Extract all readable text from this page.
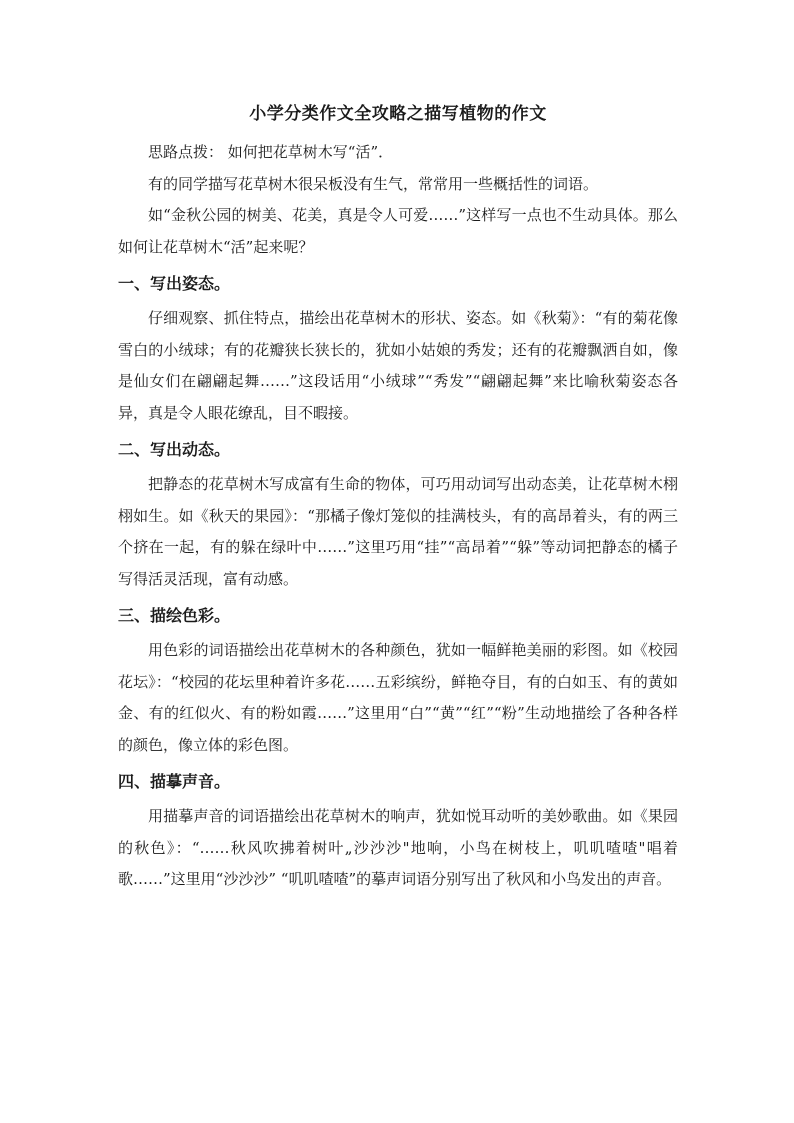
小学分类作文全攻略之描写植物的作文

思路点拨： 如何把花草树木写“活”．

有的同学描写花草树木很呆板没有生气，常常用一些概括性的词语。

如“金秋公园的树美、花美，真是令人可爱……”这样写一点也不生动具体。那么如何让花草树木“活”起来呢？

一、写出姿态。

仔细观察、抓住特点，描绘出花草树木的形状、姿态。如《秋菊》：“有的菊花像雪白的小绒球；有的花瓣狭长狭长的，犹如小姑娘的秀发；还有的花瓣飘洒自如，像是仙女们在翩翩起舞……”这段话用“小绒球”“秀发”“翩翩起舞”来比喻秋菊姿态各异，真是令人眼花缭乱，目不暇接。

二、写出动态。

把静态的花草树木写成富有生命的物体，可巧用动词写出动态美，让花草树木栩栩如生。如《秋天的果园》：“那橘子像灯笼似的挂满枝头，有的高昂着头，有的两三个挤在一起，有的躲在绿叶中……”这里巧用“挂”“高昂着”“躲”等动词把静态的橘子写得活灵活现，富有动感。

三、描绘色彩。

用色彩的词语描绘出花草树木的各种颜色，犹如一幅鲜艳美丽的彩图。如《校园花坛》：“校园的花坛里种着许多花……五彩缤纷，鲜艳夺目，有的白如玉、有的黄如金、有的红似火、有的粉如霞……”这里用“白”“黄”“红”“粉”生动地描绘了各种各样的颜色，像立体的彩色图。

四、描摹声音。

用描摹声音的词语描绘出花草树木的响声，犹如悦耳动听的美妙歌曲。如《果园的秋色》：“……秋风吹拂着树叶„沙沙沙"地响，小鸟在树枝上，叽叽喳喳"唱着歌……”这里用“沙沙沙” “叽叽喳喳”的摹声词语分别写出了秋风和小鸟发出的声音。
